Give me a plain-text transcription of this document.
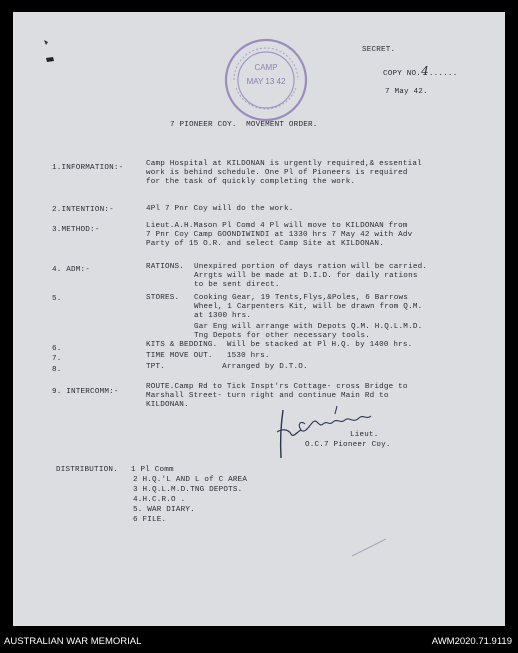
SECRET.
COPY NO.4......
7 May 42.
CAMP
MAY 13 42
7 PIONEER COY.  MOVEMENT ORDER.
1.INFORMATION:-	Camp Hospital at KILDONAN is urgently required,& essential
work is behind schedule. One Pl of Pioneers is required
for the task of quickly completing the work.
2.INTENTION:-	4Pl 7 Pnr Coy will do the work.
3.METHOD:-	Lieut.A.H.Mason Pl Comd 4 Pl will move to KILDONAN from
7 Pnr Coy Camp GOONDIWINDI at 1330 hrs 7 May 42 with Adv
Party of 15 O.R. and select Camp Site at KILDONAN.
4. ADM:-	RATIONS. Unexpired portion of days ration will be carried.
Arrgts will be made at D.I.D. for daily rations
to be sent direct.
5.	STORES. Cooking Gear, 19 Tents,Flys,&Poles, 6 Barrows
Wheel, 1 Carpenters Kit, will be drawn from Q.M.
at 1300 hrs.
Gar Eng will arrange with Depots Q.M. H.Q.L.M.D.
Tng Depots for other necessary tools.
6.	KITS & BEDDING.  Will be stacked at Pl H.Q. by 1400 hrs.
7.	TIME MOVE OUT.   1530 hrs.
8.	TPT.            Arranged by D.T.O.
9. INTERCOMM:-
ROUTE.Camp Rd to Tick Inspt'rs Cottage- cross Bridge to
Marshall Street- turn right and continue Main Rd to
KILDONAN.
Lieut.
O.C.7 Pioneer Coy.
DISTRIBUTION. 1 Pl Comm
2 H.Q.'L AND L of C AREA
3 H.Q.L.M.D.TNG DEPOTS.
4.H.C.R.O .
5. WAR DIARY.
6 FILE.
AUSTRALIAN WAR MEMORIAL	AWM2020.71.9119
